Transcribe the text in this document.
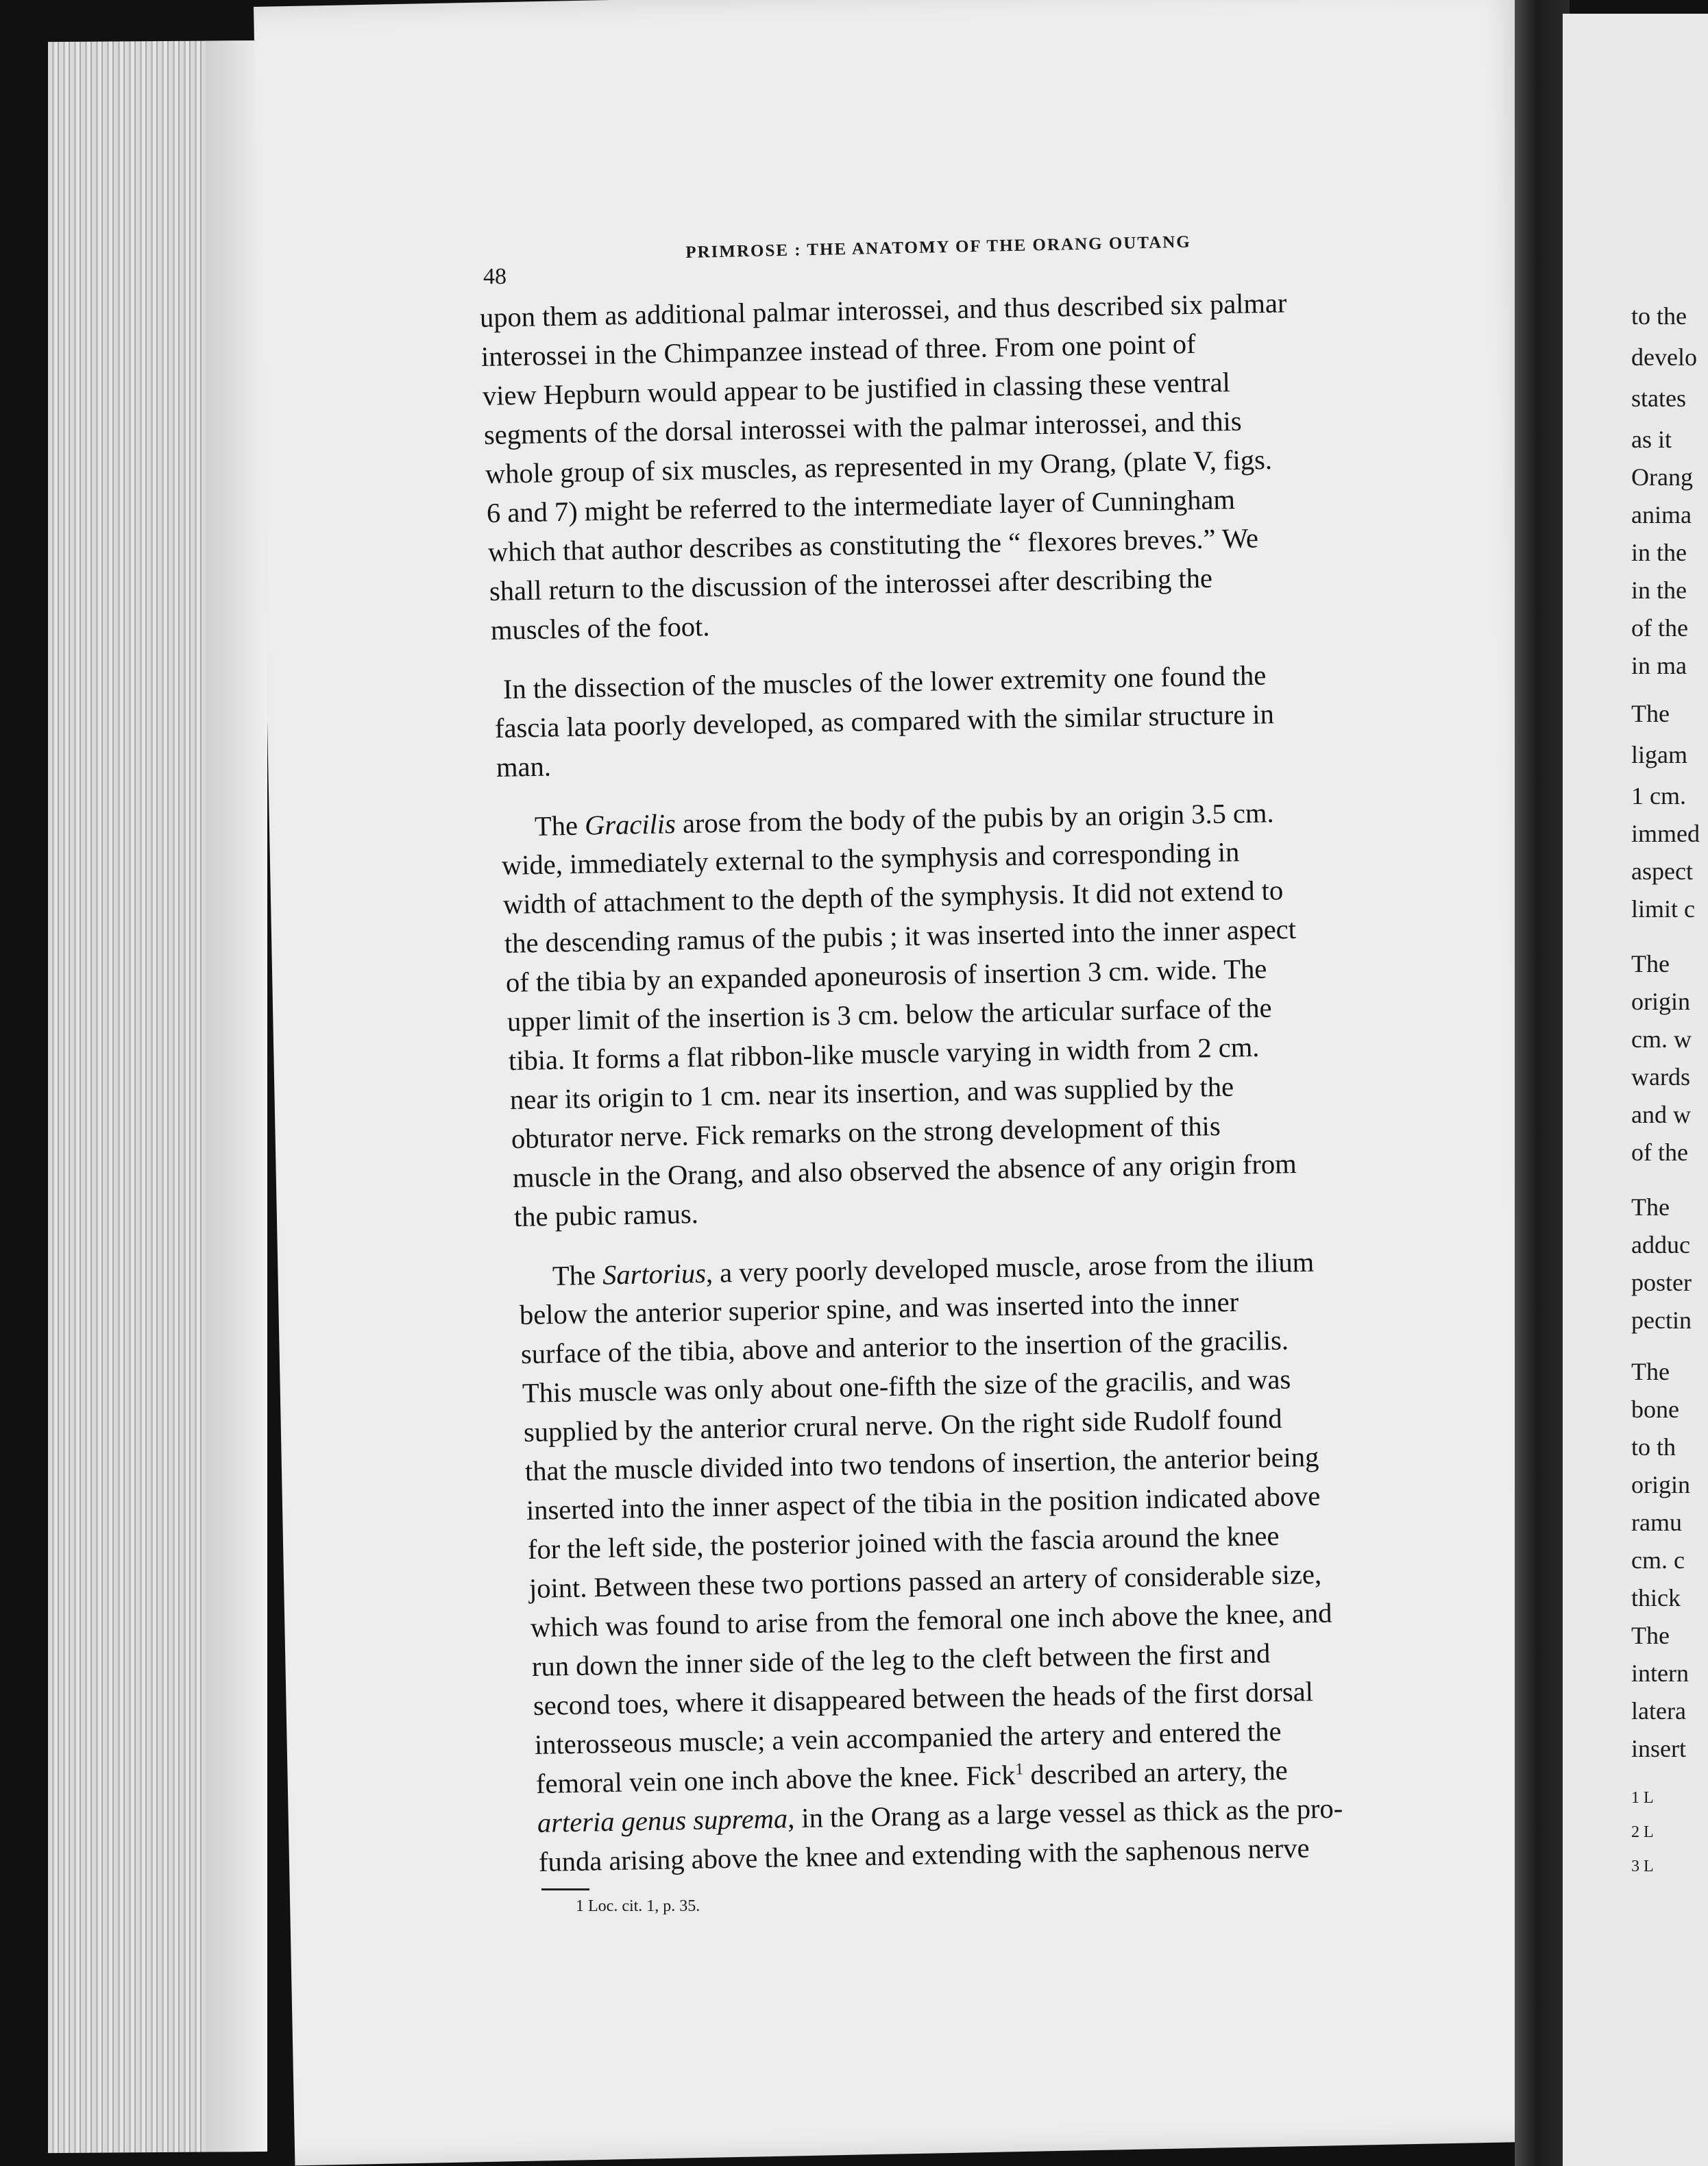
to the
develo
states
as it
Orang
anima
in the
in the
of the
in ma
The
ligam
1 cm.
immed
aspect
limit c
The
origin
cm. w
wards
and w
of the
The
adduc
poster
pectin
The
bone
to th
origin
ramu
cm. c
thick
The
intern
latera
insert
1 L
2 L
3 L
48
PRIMROSE : THE ANATOMY OF THE ORANG OUTANG
upon them as additional palmar interossei, and thus described six palmar
interossei in the Chimpanzee instead of three. From one point of
view Hepburn would appear to be justified in classing these ventral
segments of the dorsal interossei with the palmar interossei, and this
whole group of six muscles, as represented in my Orang, (plate V, figs.
6 and 7) might be referred to the intermediate layer of Cunningham
which that author describes as constituting the “ flexores breves.” We
shall return to the discussion of the interossei after describing the
muscles of the foot.
In the dissection of the muscles of the lower extremity one found the
fascia lata poorly developed, as compared with the similar structure in
man.
The Gracilis arose from the body of the pubis by an origin 3.5 cm.
wide, immediately external to the symphysis and corresponding in
width of attachment to the depth of the symphysis. It did not extend to
the descending ramus of the pubis ; it was inserted into the inner aspect
of the tibia by an expanded aponeurosis of insertion 3 cm. wide. The
upper limit of the insertion is 3 cm. below the articular surface of the
tibia. It forms a flat ribbon-like muscle varying in width from 2 cm.
near its origin to 1 cm. near its insertion, and was supplied by the
obturator nerve. Fick remarks on the strong development of this
muscle in the Orang, and also observed the absence of any origin from
the pubic ramus.
The Sartorius, a very poorly developed muscle, arose from the ilium
below the anterior superior spine, and was inserted into the inner
surface of the tibia, above and anterior to the insertion of the gracilis.
This muscle was only about one-fifth the size of the gracilis, and was
supplied by the anterior crural nerve. On the right side Rudolf found
that the muscle divided into two tendons of insertion, the anterior being
inserted into the inner aspect of the tibia in the position indicated above
for the left side, the posterior joined with the fascia around the knee
joint. Between these two portions passed an artery of considerable size,
which was found to arise from the femoral one inch above the knee, and
run down the inner side of the leg to the cleft between the first and
second toes, where it disappeared between the heads of the first dorsal
interosseous muscle; a vein accompanied the artery and entered the
femoral vein one inch above the knee. Fick$^1$ described an artery, the
arteria genus suprema, in the Orang as a large vessel as thick as the pro-
funda arising above the knee and extending with the saphenous nerve
1 Loc. cit. 1, p. 35.
